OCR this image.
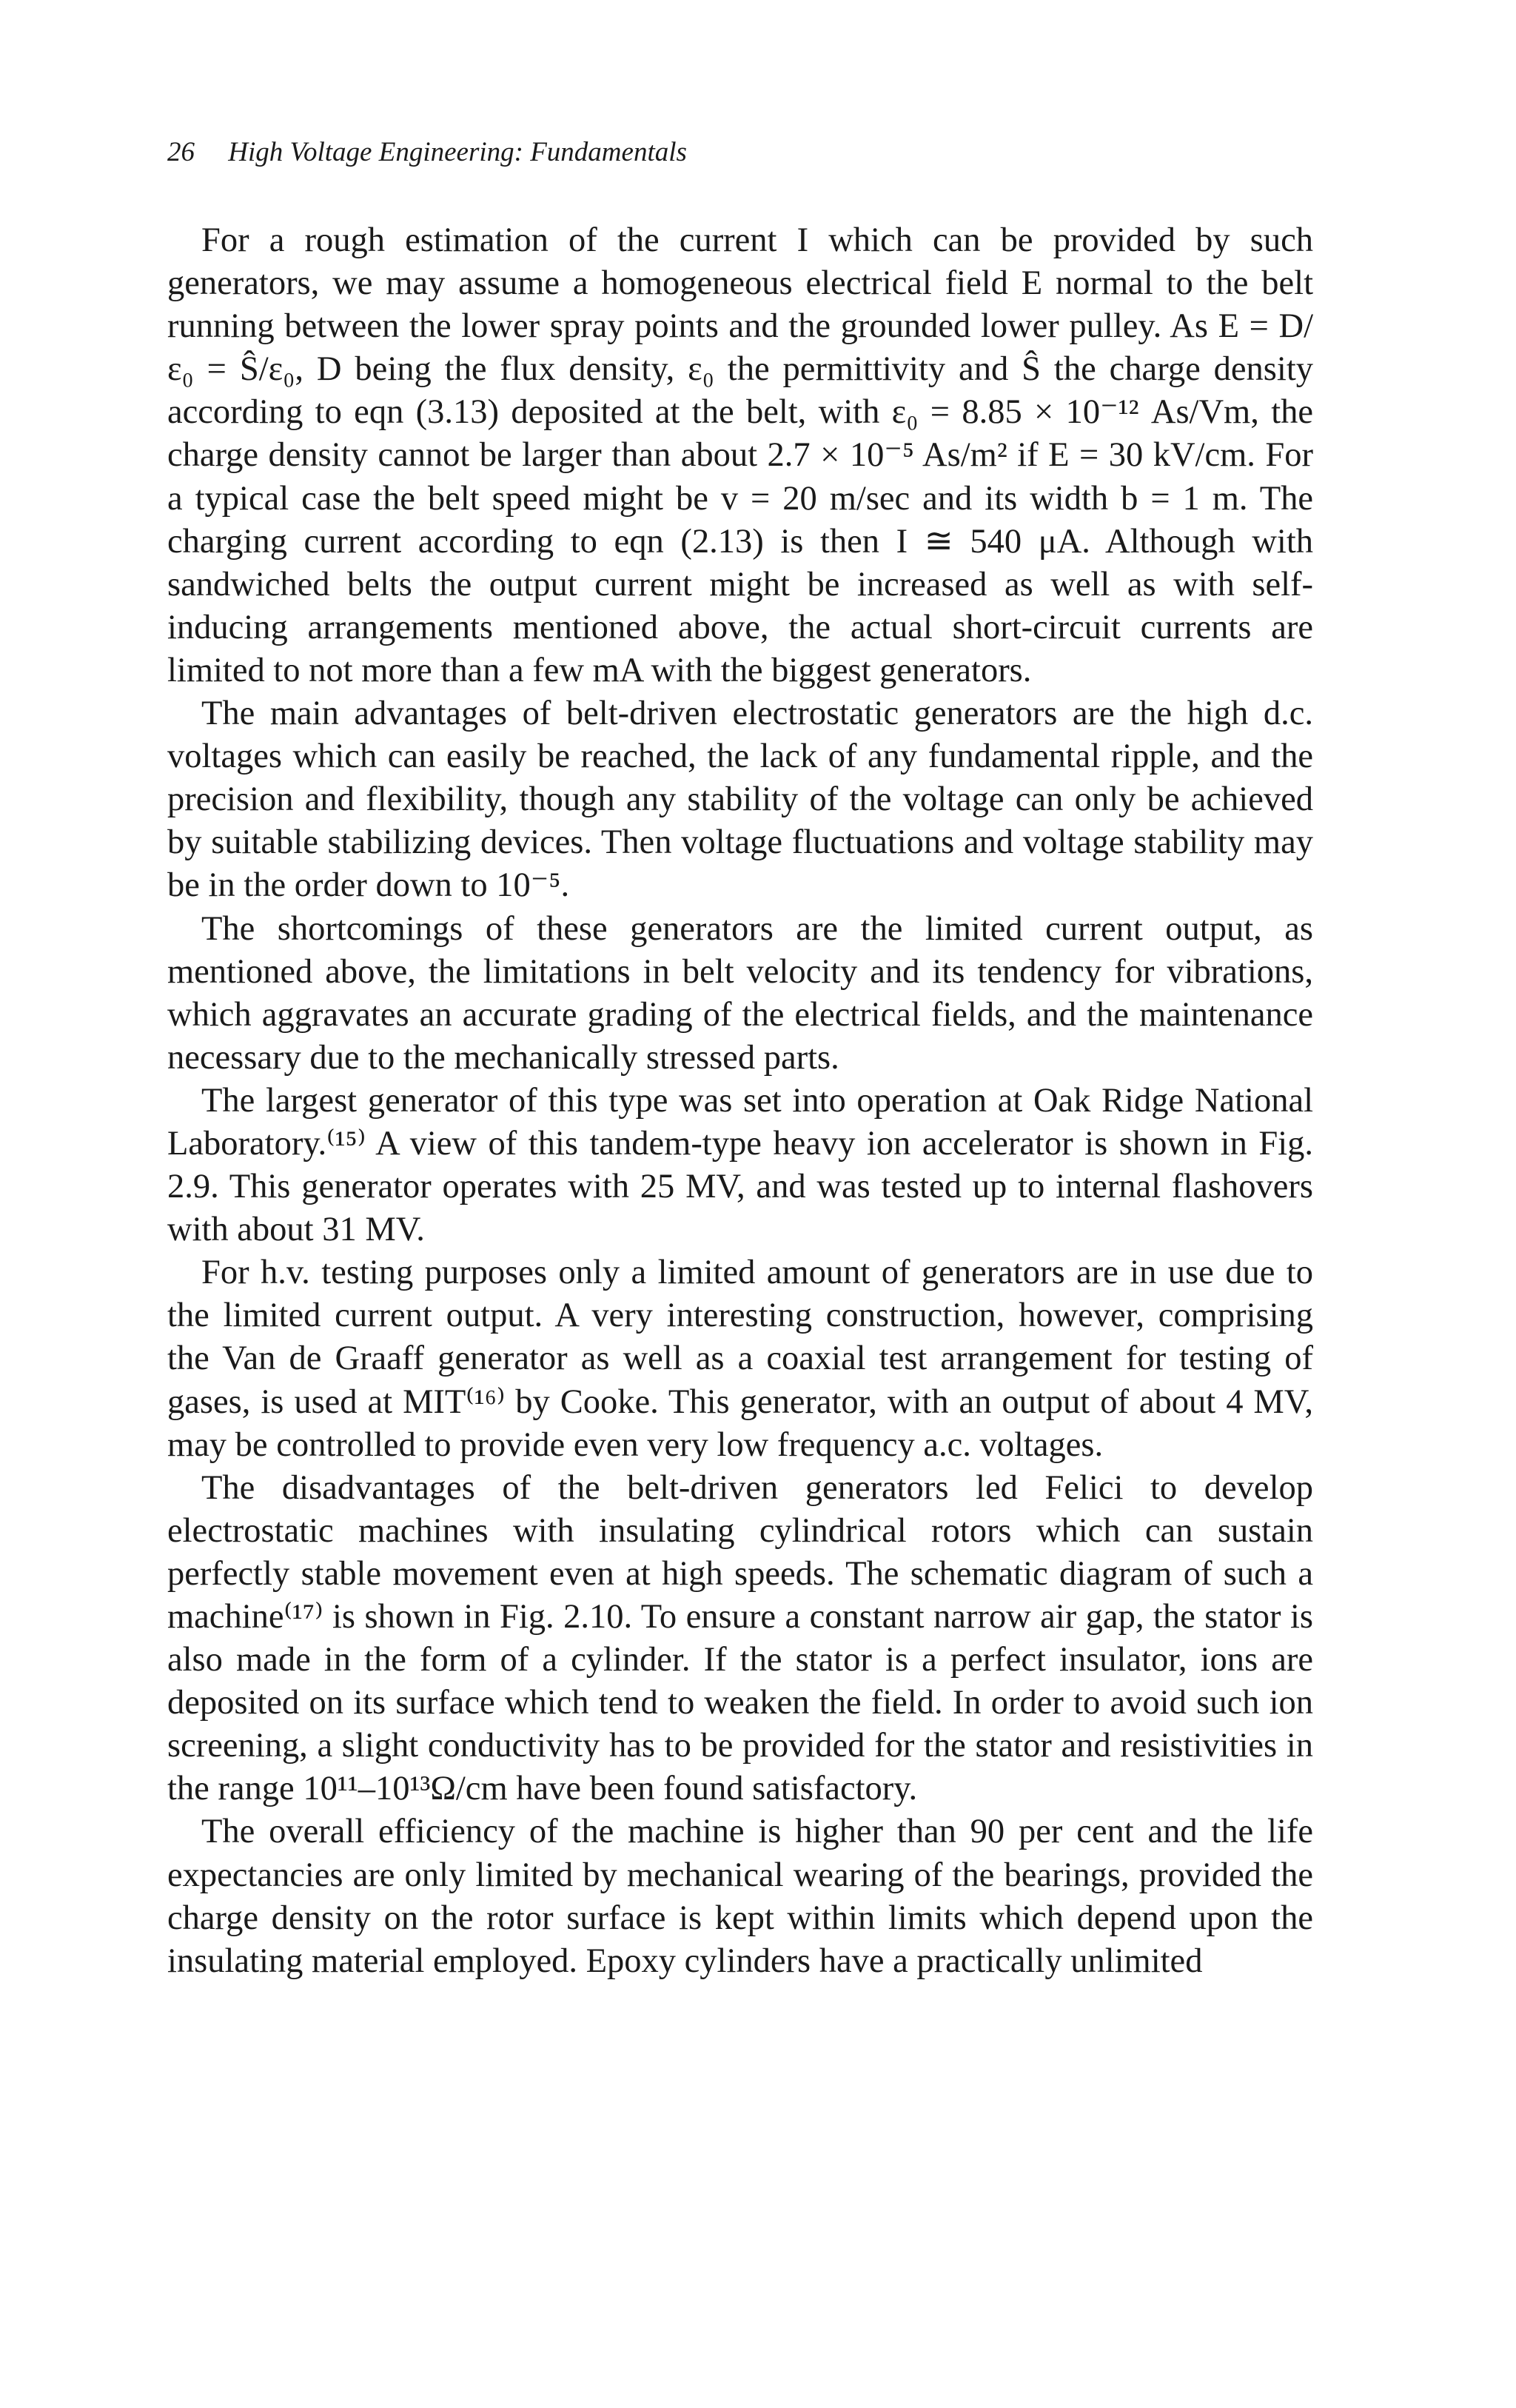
26 High Voltage Engineering: Fundamentals

For a rough estimation of the current I which can be provided by such generators, we may assume a homogeneous electrical field E normal to the belt running between the lower spray points and the grounded lower pulley. As E = D/ε₀ = Ŝ/ε₀, D being the flux density, ε₀ the permittivity and Ŝ the charge density according to eqn (3.13) deposited at the belt, with ε₀ = 8.85 × 10⁻¹² As/Vm, the charge density cannot be larger than about 2.7 × 10⁻⁵ As/m² if E = 30 kV/cm. For a typical case the belt speed might be v = 20 m/sec and its width b = 1 m. The charging current according to eqn (2.13) is then I ≅ 540 μA. Although with sandwiched belts the output current might be increased as well as with self-inducing arrangements mentioned above, the actual short-circuit currents are limited to not more than a few mA with the biggest generators.

The main advantages of belt-driven electrostatic generators are the high d.c. voltages which can easily be reached, the lack of any fundamental ripple, and the precision and flexibility, though any stability of the voltage can only be achieved by suitable stabilizing devices. Then voltage fluctuations and voltage stability may be in the order down to 10⁻⁵.

The shortcomings of these generators are the limited current output, as mentioned above, the limitations in belt velocity and its tendency for vibrations, which aggravates an accurate grading of the electrical fields, and the maintenance necessary due to the mechanically stressed parts.

The largest generator of this type was set into operation at Oak Ridge National Laboratory.⁽¹⁵⁾ A view of this tandem-type heavy ion accelerator is shown in Fig. 2.9. This generator operates with 25 MV, and was tested up to internal flashovers with about 31 MV.

For h.v. testing purposes only a limited amount of generators are in use due to the limited current output. A very interesting construction, however, comprising the Van de Graaff generator as well as a coaxial test arrangement for testing of gases, is used at MIT⁽¹⁶⁾ by Cooke. This generator, with an output of about 4 MV, may be controlled to provide even very low frequency a.c. voltages.

The disadvantages of the belt-driven generators led Felici to develop electrostatic machines with insulating cylindrical rotors which can sustain perfectly stable movement even at high speeds. The schematic diagram of such a machine⁽¹⁷⁾ is shown in Fig. 2.10. To ensure a constant narrow air gap, the stator is also made in the form of a cylinder. If the stator is a perfect insulator, ions are deposited on its surface which tend to weaken the field. In order to avoid such ion screening, a slight conductivity has to be provided for the stator and resistivities in the range 10¹¹–10¹³Ω/cm have been found satisfactory.

The overall efficiency of the machine is higher than 90 per cent and the life expectancies are only limited by mechanical wearing of the bearings, provided the charge density on the rotor surface is kept within limits which depend upon the insulating material employed. Epoxy cylinders have a practically unlimited
